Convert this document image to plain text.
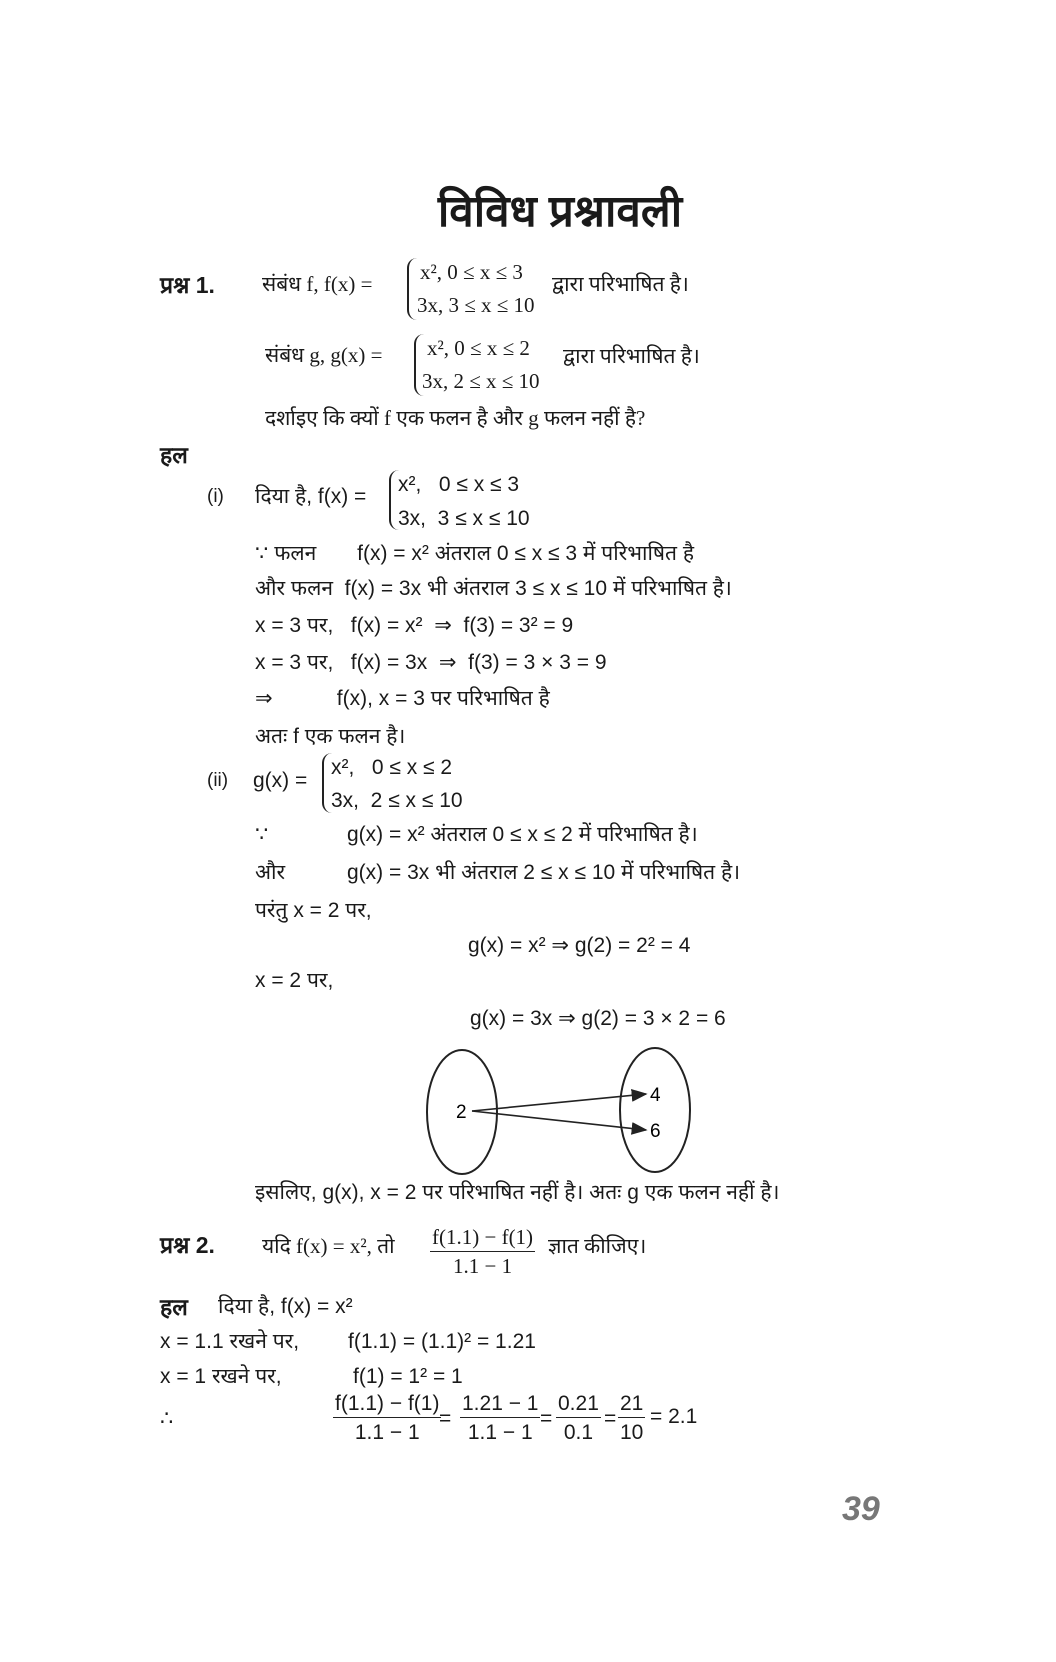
विविध प्रश्नावली
प्रश्न 1. संबंध f, f(x) = x², 0 ≤ x ≤ 3
3x, 3 ≤ x ≤ 10
द्वारा परिभाषित है।
संबंध g, g(x) = x², 0 ≤ x ≤ 2
3x, 2 ≤ x ≤ 10
द्वारा परिभाषित है।
दर्शाइए कि क्यों f एक फलन है और g फलन नहीं है?
हल
(i) दिया है, f(x) =
x²,   0 ≤ x ≤ 3
3x,  3 ≤ x ≤ 10
∵ फलन       f(x) = x² अंतराल 0 ≤ x ≤ 3 में परिभाषित है
और फलन  f(x) = 3x भी अंतराल 3 ≤ x ≤ 10 में परिभाषित है।
x = 3 पर,   f(x) = x²  ⇒  f(3) = 3² = 9
x = 3 पर,   f(x) = 3x  ⇒  f(3) = 3 × 3 = 9
⇒           f(x), x = 3 पर परिभाषित है
अतः f एक फलन है।
(ii) g(x) =
x²,   0 ≤ x ≤ 2
3x,  2 ≤ x ≤ 10
∵	g(x) = x² अंतराल 0 ≤ x ≤ 2 में परिभाषित है।
और	g(x) = 3x भी अंतराल 2 ≤ x ≤ 10 में परिभाषित है।
परंतु x = 2 पर,
g(x) = x² ⇒ g(2) = 2² = 4
x = 2 पर,
g(x) = 3x ⇒ g(2) = 3 × 2 = 6
2
4
6
इसलिए, g(x), x = 2 पर परिभाषित नहीं है। अतः g एक फलन नहीं है।
प्रश्न 2. यदि f(x) = x², तो $\frac{f(1.1) - f(1)}{1.1 - 1}$ ज्ञात कीजिए।
हल दिया है, f(x) = x²
x = 1.1 रखने पर, f(1.1) = (1.1)² = 1.21
x = 1 रखने पर,	f(1) = 1² = 1
∴	$\frac{f(1.1) - f(1)}{1.1 - 1}$
= $\frac{1.21 - 1}{1.1 - 1} = \frac{0.21}{0.1} = \frac{21}{10} = 2.1$
39
